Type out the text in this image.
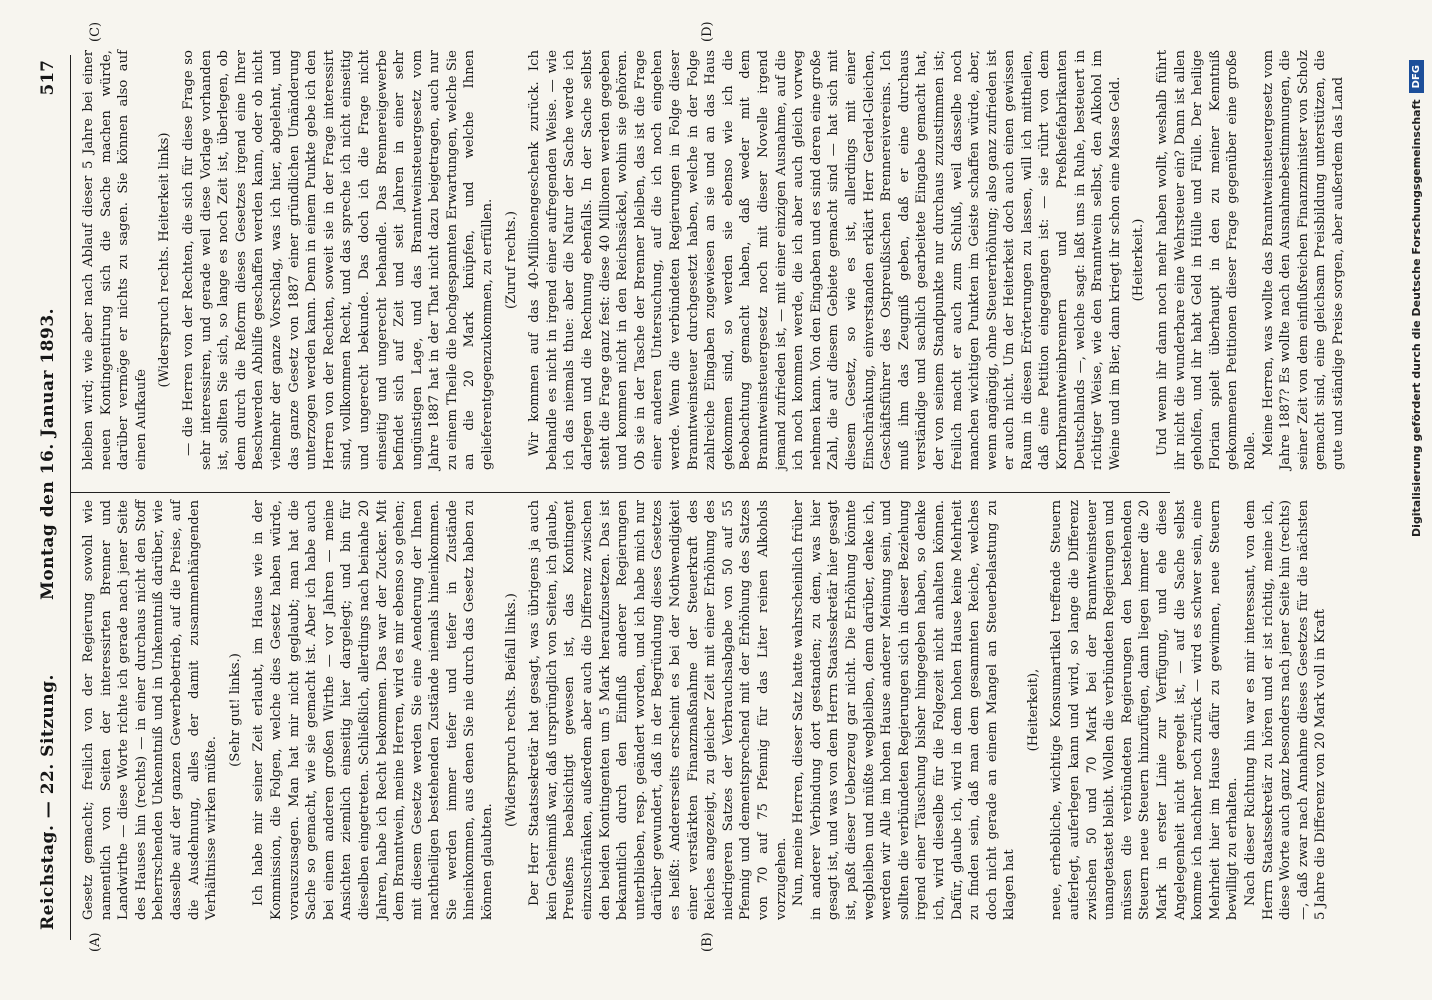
Reichstag. — 22. Sitzung.
Montag den 16. Januar 1893.
517
(A)	(B)
(C)	(D)

Gesetz gemacht; freilich von der Regierung sowohl wie namentlich von Seiten der interessirten Brenner und Landwirthe — diese Worte richte ich gerade nach jener Seite des Hauses hin (rechts) — in einer durchaus nicht den Stoff beherrschenden Unkenntniß und in Unkenntniß darüber, wie dasselbe auf der ganzen Gewerbebetrieb, auf die Preise, auf die Ausdehnung, alles der damit zusammenhängenden Verhältnisse wirken müßte.

(Sehr gut! links.) Ich habe mir seiner Zeit erlaubt, im Hause wie in der Kommission, die Folgen, welche dies Gesetz haben würde, vorauszusagen. Man hat mir nicht geglaubt; man hat die Sache so gemacht, wie sie gemacht ist. Aber ich habe auch bei einem anderen großen Wirthe — vor Jahren — meine Ansichten ziemlich einseitig hier dargelegt; und bin für dieselben eingetreten. Schließlich, allerdings nach beinahe 20 Jahren, habe ich Recht bekommen. Das war der Zucker. Mit dem Branntwein, meine Herren, wird es mir ebenso so gehen; mit diesem Gesetze werden Sie eine Aenderung der Ihnen nachtheiligen bestehenden Zustände niemals hineinkommen. Sie werden immer tiefer und tiefer in Zustände hineinkommen, aus denen Sie nie durch das Gesetz haben zu können glaubten.

(Widerspruch rechts. Beifall links.) Der Herr Staatssekretär hat gesagt, was übrigens ja auch kein Geheimniß war, daß ursprünglich von Seiten, ich glaube, Preußens beabsichtigt gewesen ist, das Kontingent einzuschränken, außerdem aber auch die Differenz zwischen den beiden Kontingenten um 5 Mark heraufzusetzen. Das ist bekanntlich durch den Einfluß anderer Regierungen unterblieben, resp. geändert worden, und ich habe mich nur darüber gewundert, daß in der Begründung dieses Gesetzes es heißt: Andererseits erscheint es bei der Nothwendigkeit einer verstärkten Finanzmaßnahme der Steuerkraft des Reiches angezeigt, zu gleicher Zeit mit einer Erhöhung des niedrigeren Satzes der Verbrauchsabgabe von 50 auf 55 Pfennig und dementsprechend mit der Erhöhung des Satzes von 70 auf 75 Pfennig für das Liter reinen Alkohols vorzugehen. Nun, meine Herren, dieser Satz hatte wahrscheinlich früher in anderer Verbindung dort gestanden; zu dem, was hier gesagt ist, und was von dem Herrn Staatssekretär hier gesagt ist, paßt dieser Ueberzeug gar nicht. Die Erhöhung könnte wegbleiben und müßte wegbleiben, denn darüber, denke ich, werden wir Alle im hohen Hause anderer Meinung sein, und sollten die verbündeten Regierungen sich in dieser Beziehung irgend einer Täuschung bisher hingegeben haben, so denke ich, wird dieselbe für die Folgezeit nicht anhalten können. Dafür, glaube ich, wird in dem hohen Hause keine Mehrheit zu finden sein, daß man dem gesammten Reiche, welches doch nicht gerade an einem Mangel an Steuerbelastung zu klagen hat

(Heiterkeit), neue, erhebliche, wichtige Konsumartikel treffende Steuern auferlegt, auferlegen kann und wird, so lange die Differenz zwischen 50 und 70 Mark bei der Branntweinsteuer unangetastet bleibt. Wollen die verbündeten Regierungen und müssen die verbündeten Regierungen den bestehenden Steuern neue Steuern hinzufügen, dann liegen immer die 20 Mark in erster Linie zur Verfügung, und ehe diese Angelegenheit nicht geregelt ist, — auf die Sache selbst komme ich nachher noch zurück — wird es schwer sein, eine Mehrheit hier im Hause dafür zu gewinnen, neue Steuern bewilligt zu erhalten. Nach dieser Richtung hin war es mir interessant, von dem Herrn Staatssekretär zu hören und er ist richtig, meine ich, diese Worte auch ganz besonders nach jener Seite hin (rechts) —, daß zwar nach Annahme dieses Gesetzes für die nächsten 5 Jahre die Differenz von 20 Mark voll in Kraft

bleiben wird; wie aber nach Ablauf dieser 5 Jahre bei einer neuen Kontingentirung sich die Sache machen würde, darüber vermöge er nichts zu sagen. Sie können also auf einen Aufkaufe

(Widerspruch rechts. Heiterkeit links) — die Herren von der Rechten, die sich für diese Frage so sehr interessiren, und gerade weil diese Vorlage vorhanden ist, sollten Sie sich, so lange es noch Zeit ist, überlegen, ob denn durch die Reform dieses Gesetzes irgend eine Ihrer Beschwerden Abhilfe geschaffen werden kann, oder ob nicht vielmehr der ganze Vorschlag, was ich hier, abgelehnt, und das ganze Gesetz von 1887 einer gründlichen Umänderung unterzogen werden kann. Denn in einem Punkte gebe ich den Herren von der Rechten, soweit sie in der Frage interessirt sind, vollkommen Recht, und das spreche ich nicht einseitig und ungerecht bekunde. Das doch ich die Frage nicht einseitig und ungerecht behandle. Das Brennereigewerbe befindet sich auf Zeit und seit Jahren in einer sehr ungünstigen Lage, und das Branntweinsteuergesetz vom Jahre 1887 hat in der That nicht dazu beigetragen, auch nur zu einem Theile die hochgespannten Erwartungen, welche Sie an die 20 Mark knüpfen, und welche Ihnen gelieferentgegenzukommen, zu erfüllen. (Zuruf rechts.) Wir kommen auf das 40-Millionengeschenk zurück. Ich behandle es nicht in irgend einer aufregenden Weise. — wie ich das niemals thue: aber die Natur der Sache werde ich darlegen und die Rechnung ebenfalls. In der Sache selbst steht die Frage ganz fest: diese 40 Millionen werden gegeben und kommen nicht in den Reichssäckel, wohin sie gehören. Ob sie in der Tasche der Brenner bleiben, das ist die Frage einer anderen Untersuchung, auf die ich noch eingehen werde. Wenn die verbündeten Regierungen in Folge dieser Branntweinsteuer durchgesetzt haben, welche in der Folge zahlreiche Eingaben zugewiesen an sie und an das Haus gekommen sind, so werden sie ebenso wie ich die Beobachtung gemacht haben, daß weder mit dem Branntweinsteuergesetz noch mit dieser Novelle irgend jemand zufrieden ist, — mit einer einzigen Ausnahme, auf die ich noch kommen werde, die ich aber auch gleich vorweg nehmen kann. Von den Eingaben und es sind deren eine große Zahl, die auf diesem Gebiete gemacht sind — hat sich mit diesem Gesetz, so wie es ist, allerdings mit einer Einschränkung, einverstanden erklärt Herr Gerdel-Gleichen, Geschäftsführer des Ostpreußischen Brennereivereins. Ich muß ihm das Zeugniß geben, daß er eine durchaus verständige und sachlich gearbeitete Eingabe gemacht hat, der von seinem Standpunkte nur durchaus zuzustimmen ist; freilich macht er auch zum Schluß, weil dasselbe noch manchen wichtigen Punkten im Geiste schaffen würde, aber, wenn angängig, ohne Steuererhöhung; also ganz zufrieden ist er auch nicht. Um der Heiterkeit doch auch einen gewissen Raum in diesen Erörterungen zu lassen, will ich mittheilen, daß eine Petition eingegangen ist: — sie rührt von dem Kornbranntweinbrennern und Preßhefefabrikanten Deutschlands —, welche sagt: laßt uns in Ruhe, besteuert in richtiger Weise, wie den Branntwein selbst, den Alkohol im Weine und im Bier, dann kriegt ihr schon eine Masse Geld. (Heiterkeit.) Und wenn ihr dann noch mehr haben wollt, weshalb führt ihr nicht die wunderbare eine Wehrsteuer ein? Dann ist allen geholfen, und ihr habt Geld in Hülle und Fülle. Der heilige Florian spielt überhaupt in den zu meiner Kenntniß gekommenen Petitionen dieser Frage gegenüber eine große Rolle. Meine Herren, was wollte das Branntweinsteuergesetz vom Jahre 1887? Es wollte nach den Ausnahmebestimmungen, die seiner Zeit von dem einflußreichen Finanzminister von Scholz gemacht sind, eine gleichsam Preisbildung unterstützen, die gute und ständige Preise sorgen, aber außerdem das Land	Digitalisierung gefördert durch die Deutsche Forschungsgemeinschaft
DFG
